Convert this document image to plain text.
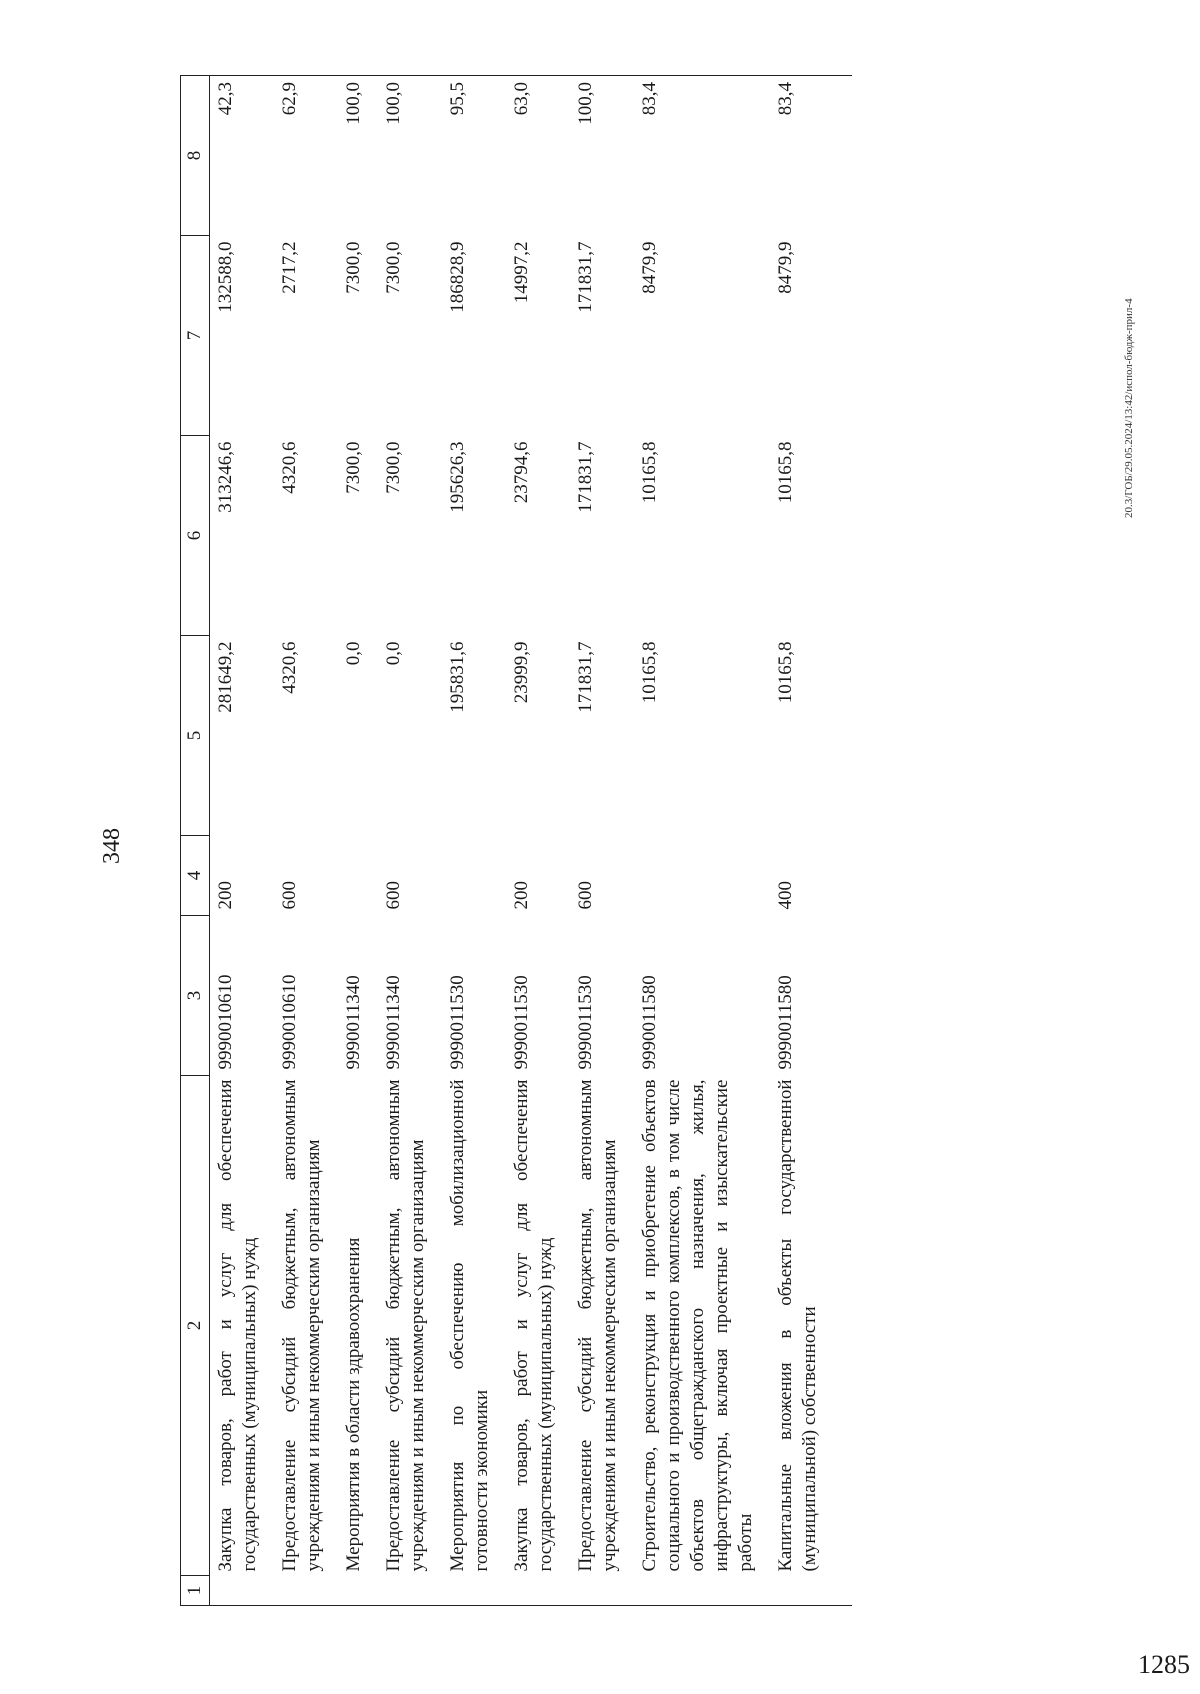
348
20.3/ГОБ/29.05.2024/13:42/испол-бюдж-прил-4
1285
1	2	3	4	5	6	7	8
	Закупка товаров, работ и услуг для обеспечения государственных (муниципальных) нужд	9990010610	200	281649,2	313246,6	132588,0	42,3
	Предоставление субсидий бюджетным, автономным учреждениям и иным некоммерческим организациям	9990010610	600	4320,6	4320,6	2717,2	62,9
	Мероприятия в области здравоохранения	9990011340		0,0	7300,0	7300,0	100,0
	Предоставление субсидий бюджетным, автономным учреждениям и иным некоммерческим организациям	9990011340	600	0,0	7300,0	7300,0	100,0
	Мероприятия по обеспечению мобилизационной готовности экономики	9990011530		195831,6	195626,3	186828,9	95,5
	Закупка товаров, работ и услуг для обеспечения государственных (муниципальных) нужд	9990011530	200	23999,9	23794,6	14997,2	63,0
	Предоставление субсидий бюджетным, автономным учреждениям и иным некоммерческим организациям	9990011530	600	171831,7	171831,7	171831,7	100,0
	Строительство, реконструкция и приобретение объектов социального и производственного комплексов, в том числе объектов общегражданского назначения, жилья, инфраструктуры, включая проектные и изыскательские работы	9990011580		10165,8	10165,8	8479,9	83,4
	Капитальные вложения в объекты государственной (муниципальной) собственности	9990011580	400	10165,8	10165,8	8479,9	83,4
